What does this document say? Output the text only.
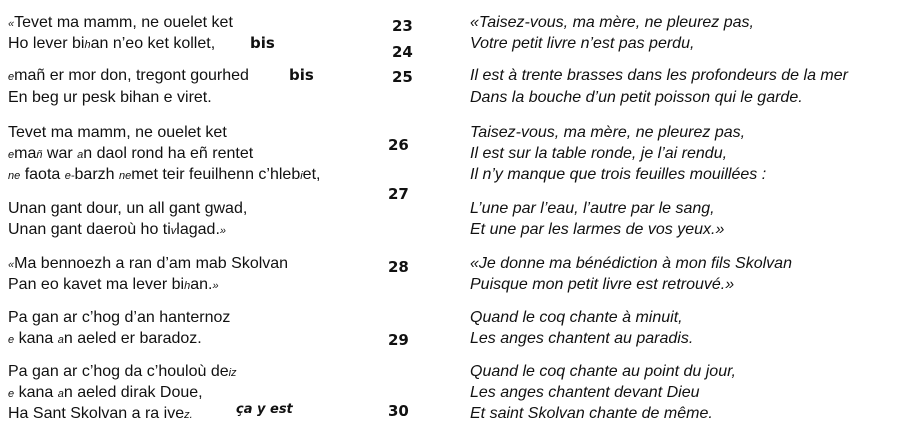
«Tevet ma mamm, ne ouelet ket
Ho lever bihan n’eo ket kollet,
emañ er mor don, tregont gourhed
En beg ur pesk bihan e viret.
Tevet ma mamm, ne ouelet ket
emañ war an daol rond ha eñ rentet
ne faota e-barzh nemet teir feuilhenn c’hlebiet,
Unan gant dour, un all gant gwad,
Unan gant daeroù ho tivlagad.»
«Ma bennoezh a ran d’am mab Skolvan
Pan eo kavet ma lever bihan.»
Pa gan ar c’hog d’an hanternoz
e kana an aeled er baradoz.
Pa gan ar c’hog da c’houloù deiz
e kana an aeled dirak Doue,
Ha Sant Skolvan a ra ivez.
«Taisez-vous, ma mère, ne pleurez pas,
Votre petit livre n’est pas perdu,
Il est à trente brasses dans les profondeurs de la mer
Dans la bouche d’un petit poisson qui le garde.
Taisez-vous, ma mère, ne pleurez pas,
Il est sur la table ronde, je l’ai rendu,
Il n’y manque que trois feuilles mouillées :
L’une par l’eau, l’autre par le sang,
Et une par les larmes de vos yeux.»
«Je donne ma bénédiction à mon fils Skolvan
Puisque mon petit livre est retrouvé.»
Quand le coq chante à minuit,
Les anges chantent au paradis.
Quand le coq chante au point du jour,
Les anges chantent devant Dieu
Et saint Skolvan chante de même.
23
24
25
26
27
28
29
30
bis
bis
ça y est
